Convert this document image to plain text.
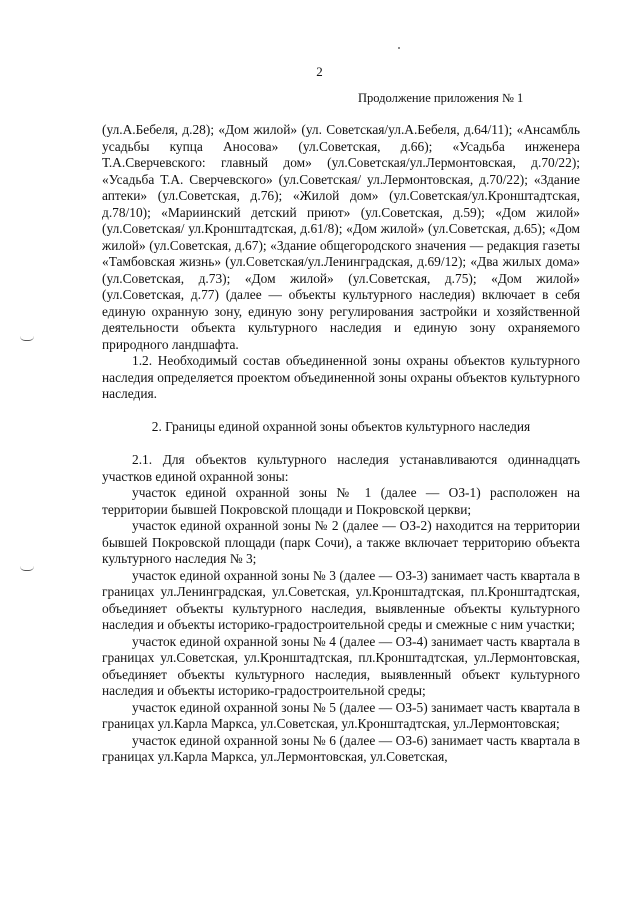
2
Продолжение приложения № 1

(ул.А.Бебеля, д.28); «Дом жилой» (ул. Советская/ул.А.Бебеля, д.64/11); «Ансамбль усадьбы купца Аносова» (ул.Советская, д.66); «Усадьба инженера Т.А.Сверчевского: главный дом» (ул.Советская/ул.Лермонтовская, д.70/22); «Усадьба Т.А. Сверчевского» (ул.Советская/ ул.Лермонтовская, д.70/22); «Здание аптеки» (ул.Советская, д.76); «Жилой дом» (ул.Советская/ул.Кронштадтская, д.78/10); «Мариинский детский приют» (ул.Советская, д.59); «Дом жилой» (ул.Советская/ ул.Кронштадтская, д.61/8); «Дом жилой» (ул.Советская, д.65); «Дом жилой» (ул.Советская, д.67); «Здание общегородского значения — редакция газеты «Тамбовская жизнь» (ул.Советская/ул.Ленинградская, д.69/12); «Два жилых дома» (ул.Советская, д.73); «Дом жилой» (ул.Советская, д.75); «Дом жилой» (ул.Советская, д.77) (далее — объекты культурного наследия) включает в себя единую охранную зону, единую зону регулирования застройки и хозяйственной деятельности объекта культурного наследия и единую зону охраняемого природного ландшафта.

1.2. Необходимый состав объединенной зоны охраны объектов культурного наследия определяется проектом объединенной зоны охраны объектов культурного наследия.

2. Границы единой охранной зоны объектов культурного наследия

2.1. Для объектов культурного наследия устанавливаются одиннадцать участков единой охранной зоны:

участок единой охранной зоны № 1 (далее — ОЗ-1) расположен на территории бывшей Покровской площади и Покровской церкви;

участок единой охранной зоны № 2 (далее — ОЗ-2) находится на территории бывшей Покровской площади (парк Сочи), а также включает территорию объекта культурного наследия № 3;

участок единой охранной зоны № 3 (далее — ОЗ-3) занимает часть квартала в границах ул.Ленинградская, ул.Советская, ул.Кронштадтская, пл.Кронштадтская, объединяет объекты культурного наследия, выявленные объекты культурного наследия и объекты историко-градостроительной среды и смежные с ним участки;

участок единой охранной зоны № 4 (далее — ОЗ-4) занимает часть квартала в границах ул.Советская, ул.Кронштадтская, пл.Кронштадтская, ул.Лермонтовская, объединяет объекты культурного наследия, выявленный объект культурного наследия и объекты историко-градостроительной среды;

участок единой охранной зоны № 5 (далее — ОЗ-5) занимает часть квартала в границах ул.Карла Маркса, ул.Советская, ул.Кронштадтская, ул.Лермонтовская;

участок единой охранной зоны № 6 (далее — ОЗ-6) занимает часть квартала в границах ул.Карла Маркса, ул.Лермонтовская, ул.Советская,
